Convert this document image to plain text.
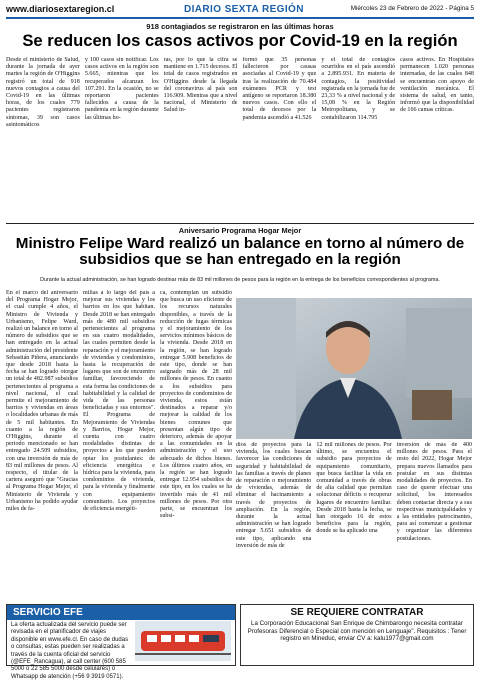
www.diariosextaregion.cl	DIARIO SEXTA REGIÓN	Miércoles 23 de Febrero de 2022 - Página 5
918 contagiados se registraron en las últimas horas
Se reducen los casos activos por Covid-19 en la región
Desde el ministerio de Salud, durante la jornada de ayer martes la región de O'Higgins registró un total de 918 nuevos contagios a causa del Covid-19 en las últimas horas, de los cuales 779 pacientes registraron síntomas, 39 son casos asintomáticos
y 100 casos sin notificar. Los casos activos en la región son 5.665, mientras que los recuperados alcanzan los 107.291. En la ocasión, no se reportaron pacientes fallecidos a causa de la pandemia en la región durante las últimas ho-
ras, por lo que la cifra se mantiene en 1.715 decesos. El total de casos registrados en O'Higgins desde la llegada del coronavirus al país son 116.909. Mientras que a nivel nacional, el Ministerio de Salud in-
formó que 35 personas fallecieron por causas asociadas al Covid-19 y que tras la realización de 70.484 exámenes PCR y test antígeno se reportaron 18.380 nuevos casos. Con ello el total de decesos por la pandemia ascendió a 41.526
y el total de contagios ocurridos en el país ascendió a 2.895.931. En materia de contagios, la positividad registrada en la jornada fue de 23,33 % a nivel nacional y de 15,08 % en la Región Metropolitana, y se contabilizaron 114.795
casos activos. En Hospitales permanecen 1.020 personas internadas, de las cuales 848 se encuentran con apoyo de ventilación mecánica. El sistema de salud, en tanto, informó que la disponibilidad de 166 camas críticas.
Aniversario Programa Hogar Mejor
Ministro Felipe Ward realizó un balance en torno al número de subsidios que se han entregado en la región
Durante la actual administración, se han logrado destinar más de 83 mil millones de pesos para la región en la entrega de los beneficios correspondientes al programa.
En el marco del aniversario del Programa Hogar Mejor, el cual cumple 4 años, el Ministro de Vivienda y Urbanismo, Felipe Ward, realizó un balance en torno al número de subsidios que se han entregado en la actual administración del presidente Sebastián Piñera, anunciando que desde 2018 hasta la fecha se han logrado otorgar un total de 482.987 subsidios pertenecientes al programa a nivel nacional, el cual permite el mejoramiento de barrios y viviendas en áreas o localidades urbanas de más de 5 mil habitantes. En cuanto a la región de O'Higgins, durante el periodo mencionado se han entregado 24.509 subsidios, con una inversión de más de 83 mil millones de pesos. Al respecto, el titular de la cartera aseguró que "Gracias al Programa Hogar Mejor, el Ministerio de Vivienda y Urbanismo ha podido ayudar miles de fa-
milias a lo largo del país a mejorar sus viviendas y los barrios en los que habitan. Desde 2018 se han entregado más de 480 mil subsidios pertenecientes al programa en sus cuatro modalidades, las cuales permiten desde la reparación y el mejoramiento de viviendas y condominios, hasta la recuperación de lugares que son de encuentro familiar, favoreciendo de esta forma las condiciones de habitabilidad y la calidad de vida de las personas beneficiadas y sus entornos". El Programa de Mejoramiento de Viviendas y Barrios, Hogar Mejor, cuenta con cuatro modalidades distintas de proyectos a los que pueden optar los postulantes: de eficiencia energética e hídrica para la vivienda, para condominios de vivienda, para la vivienda y finalmente con equipamiento comunitario. Los proyectos de eficiencia energéti-
ca, contemplan un subsidio que busca un uso eficiente de los recursos naturales disponibles, a través de la reducción de fugas térmicas y el mejoramiento de los servicios mínimos básicos de la vivienda. Desde 2018 en la región, se han logrado entregar 5.908 beneficios de este tipo, donde se han asignado más de 28 mil millones de pesos. En cuanto a los subsidios para proyectos de condominios de vivienda, estos están destinados a reparar y/o mejorar la calidad de los bienes comunes que presentan algún tipo de deterioro, además de apoyar a las comunidades en la administración y el uso adecuado de dichos bienes. Los últimos cuatro años, en la región se han logrado entregar 12.954 subsidios de este tipo, en los cuales se ha invertido más de 41 mil millones de pesos. Por otra parte, se encuentran los subsi-
dios de proyectos para la vivienda, los cuales buscan favorecer las condiciones de seguridad y habitabilidad de las familias a través de planes de reparación o mejoramiento de viviendas, además de eliminar el hacinamiento a través de proyectos de ampliación. En la región, durante la actual administración se han logrado entregar 5.651 subsidios de este tipo, aplicando una inversión de más de
12 mil millones de pesos. Por último, se encuentra el subsidio para proyectos de equipamiento comunitario, que busca facilitar la vida en comunidad a través de obras de alta calidad que permitan solucionar déficits o recuperar lugares de encuentro familiar. Desde 2018 hasta la fecha, se han otorgado 16 de estos beneficios para la región, donde se ha aplicado una
inversión de más de 400 millones de pesos. Para el resto del 2022, Hogar Mejor prepara nuevos llamados para postular en sus distintas modalidades de proyectos. En caso de querer efectuar una solicitud, los interesados deben contactar directa y a sus respectivas municipalidades y a las entidades patrocinantes, para así comenzar a gestionar y organizar las diferentes postulaciones.
SERVICIO EFE
La oferta actualizada del servicio puede ser revisada en el planificador de viajes disponible en www.efe.cl. En caso de dudas o consultas, estas pueden ser realizadas a través de la cuenta oficial del servicio (@EFE_Rancagua), al call center (600 585 5000 o 22 585 5000 desde celulares) o Whatsapp de atención (+56 9 3919 0571).
SE REQUIERE CONTRATAR
La Corporación Educacional San Enrique de Chimbarongo necesita contratar Profesoras Diferencial o Especial con mención en Lenguaje". Requisitos : Tener registro en Mineduc, enviar CV a: kalu1977@gmail.com
